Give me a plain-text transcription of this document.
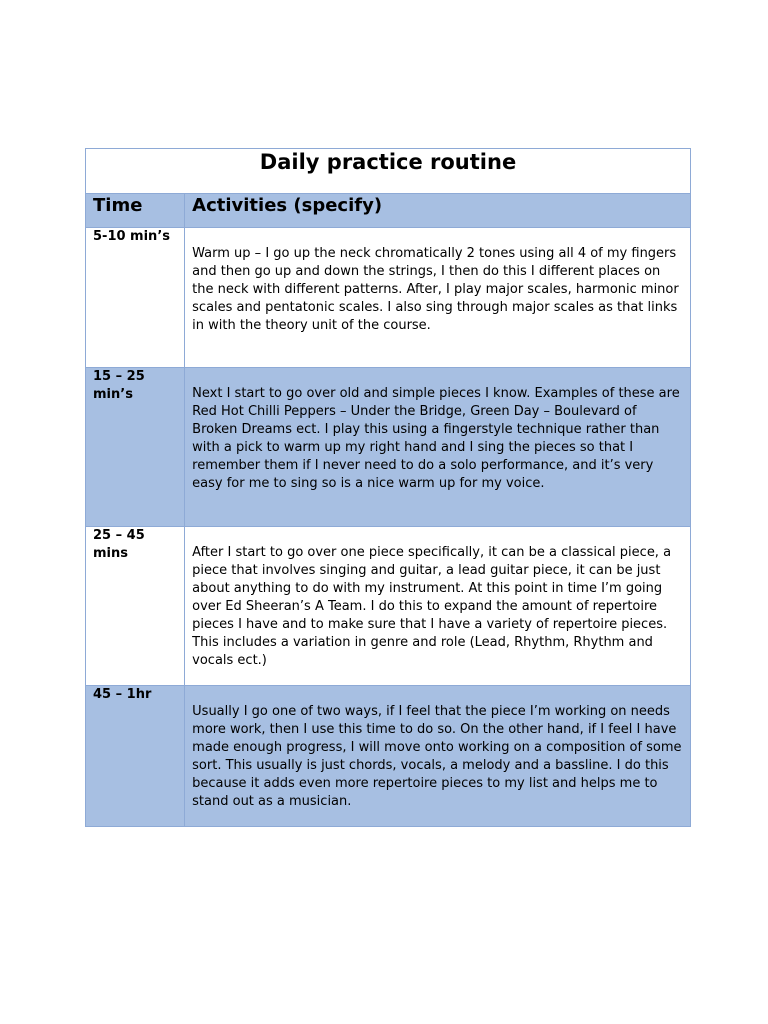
Daily practice routine	

Time	Activities (specify)

5-10 min’s	Warm up – I go up the neck chromatically 2 tones using all 4 of my fingers and then go up and down the strings, I then do this I different places on the neck with different patterns. After, I play major scales, harmonic minor scales and pentatonic scales. I also sing through major scales as that links in with the theory unit of the course.

15 – 25 min’s	Next I start to go over old and simple pieces I know. Examples of these are Red Hot Chilli Peppers – Under the Bridge, Green Day – Boulevard of Broken Dreams ect. I play this using a fingerstyle technique rather than with a pick to warm up my right hand and I sing the pieces so that I remember them if I never need to do a solo performance, and it’s very easy for me to sing so is a nice warm up for my voice.

25 – 45 mins	After I start to go over one piece specifically, it can be a classical piece, a piece that involves singing and guitar, a lead guitar piece, it can be just about anything to do with my instrument. At this point in time I’m going over Ed Sheeran’s A Team. I do this to expand the amount of repertoire pieces I have and to make sure that I have a variety of repertoire pieces. This includes a variation in genre and role (Lead, Rhythm, Rhythm and vocals ect.)

45 – 1hr	Usually I go one of two ways, if I feel that the piece I’m working on needs more work, then I use this time to do so. On the other hand, if I feel I have made enough progress, I will move onto working on a composition of some sort. This usually is just chords, vocals, a melody and a bassline. I do this because it adds even more repertoire pieces to my list and helps me to stand out as a musician.
